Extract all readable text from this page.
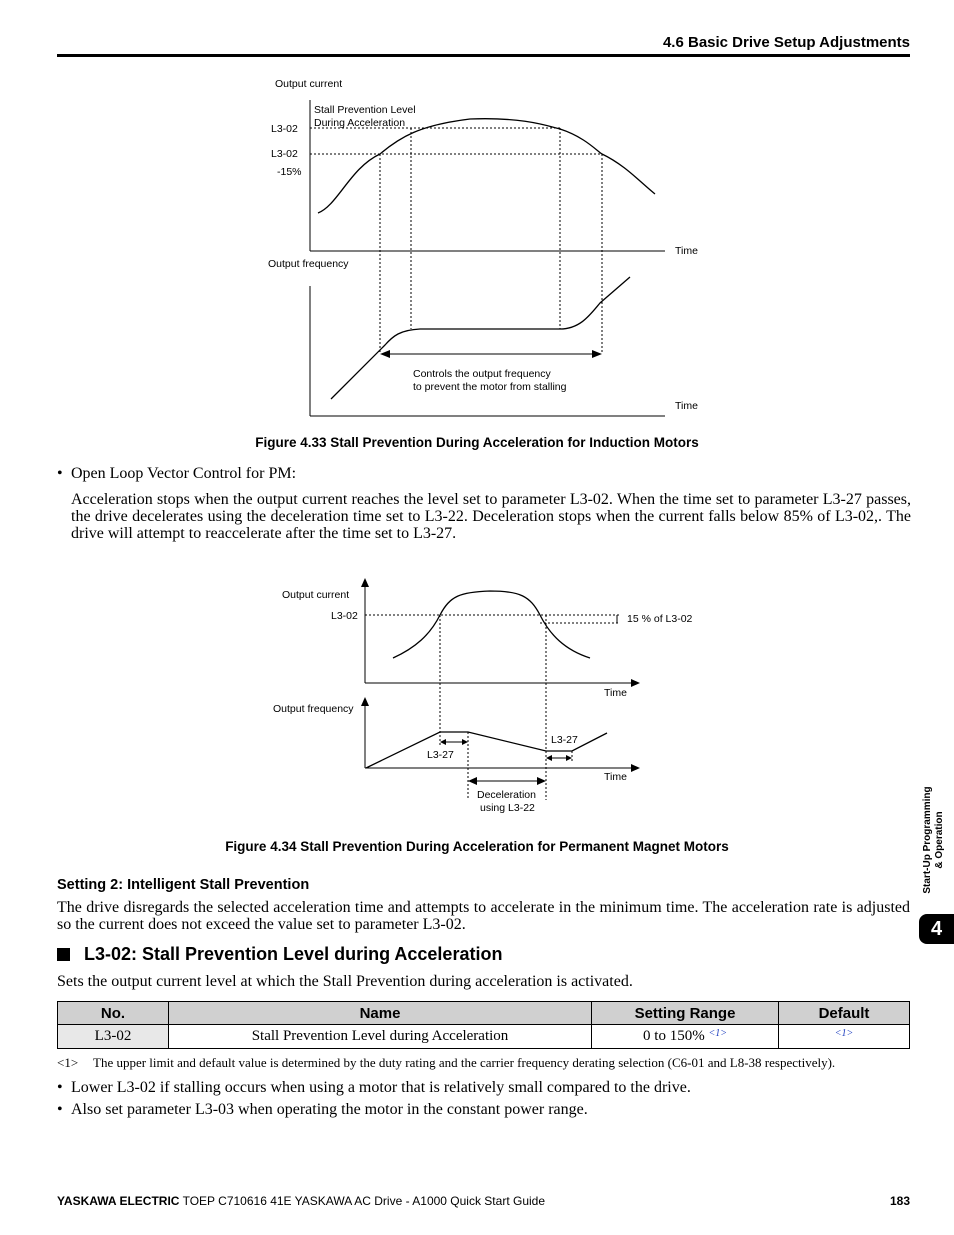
4.6 Basic Drive Setup Adjustments
Output current
Stall Prevention Level
During Acceleration
L3-02
L3-02
-15%
Time
Output frequency
Controls the output frequency
to prevent the motor from stalling
Time
Figure 4.33 Stall Prevention During Acceleration for Induction Motors
• Open Loop Vector Control for PM:
Acceleration stops when the output current reaches the level set to parameter L3-02. When the time set to parameter L3-27 passes, the drive decelerates using the deceleration time set to L3-22. Deceleration stops when the current falls below 85% of L3-02,. The drive will attempt to reaccelerate after the time set to L3-27.
Output current
L3-02	15 % of L3-02
Time
Output frequency
L3-27
L3-27
Time
Deceleration
using L3-22
Figure 4.34 Stall Prevention During Acceleration for Permanent Magnet Motors
Setting 2: Intelligent Stall Prevention
The drive disregards the selected acceleration time and attempts to accelerate in the minimum time. The acceleration rate is adjusted so the current does not exceed the value set to parameter L3-02.
L3-02: Stall Prevention Level during Acceleration
Sets the output current level at which the Stall Prevention during acceleration is activated.
No.	Name	Setting Range	Default
L3-02	Stall Prevention Level during Acceleration	0 to 150% $^{<1>}$	$^{<1>}$
<1>	The upper limit and default value is determined by the duty rating and the carrier frequency derating selection (C6-01 and L8-38 respectively).
• Lower L3-02 if stalling occurs when using a motor that is relatively small compared to the drive.
• Also set parameter L3-03 when operating the motor in the constant power range.
YASKAWA ELECTRIC TOEP C710616 41E YASKAWA AC Drive - A1000 Quick Start Guide	183
Start-Up Programming
& Operation
4
